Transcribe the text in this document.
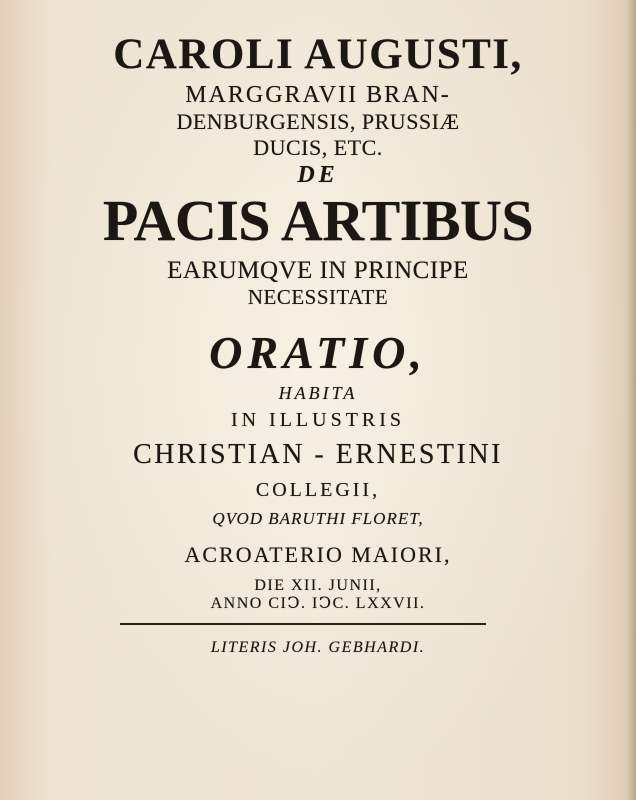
CAROLI AUGUSTI,
MARGGRAVII BRAN-
DENBURGENSIS, PRUSSIÆ
DUCIS, ETC.
DE
PACIS ARTIBUS
EARUMQVE IN PRINCIPE
NECESSITATE
ORATIO,
HABITA
IN ILLUSTRIS
CHRISTIAN - ERNESTINI
COLLEGII,
QVOD BARUTHI FLORET,
ACROATERIO MAIORI,
DIE XII. JUNII,
ANNO CIↃ. IↃC. LXXVII.
LITERIS JOH. GEBHARDI.
